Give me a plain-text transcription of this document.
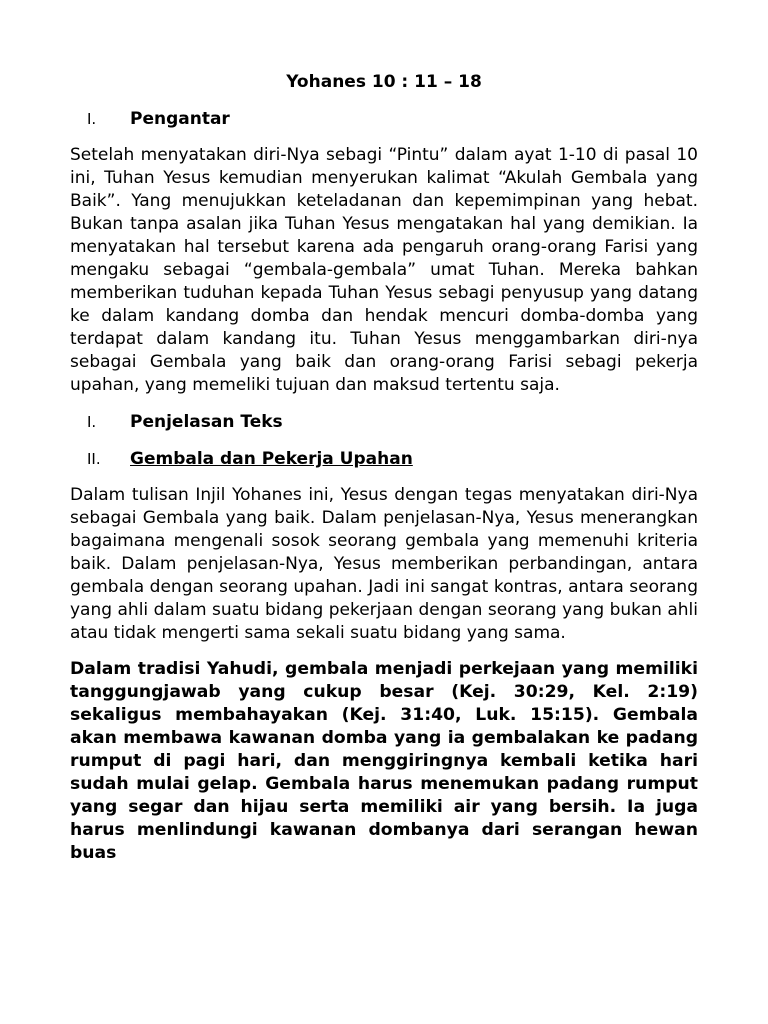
Yohanes 10 : 11 – 18
I.	Pengantar

Setelah menyatakan diri-Nya sebagi “Pintu” dalam ayat 1-10 di pasal 10 ini, Tuhan Yesus kemudian menyerukan kalimat “Akulah Gembala yang Baik”. Yang menujukkan keteladanan dan kepemimpinan yang hebat. Bukan tanpa asalan jika Tuhan Yesus mengatakan hal yang demikian. Ia menyatakan hal tersebut karena ada pengaruh orang-orang Farisi yang mengaku sebagai “gembala-gembala” umat Tuhan. Mereka bahkan memberikan tuduhan kepada Tuhan Yesus sebagi penyusup yang datang ke dalam kandang domba dan hendak mencuri domba-domba yang terdapat dalam kandang itu. Tuhan Yesus menggambarkan diri-nya sebagai Gembala yang baik dan orang-orang Farisi sebagi pekerja upahan, yang memeliki tujuan dan maksud tertentu saja.

I.	Penjelasan Teks
II.	Gembala dan Pekerja Upahan

Dalam tulisan Injil Yohanes ini, Yesus dengan tegas menyatakan diri-Nya sebagai Gembala yang baik. Dalam penjelasan-Nya, Yesus menerangkan bagaimana mengenali sosok seorang gembala yang memenuhi kriteria baik. Dalam penjelasan-Nya, Yesus memberikan perbandingan, antara gembala dengan seorang upahan. Jadi ini sangat kontras, antara seorang yang ahli dalam suatu bidang pekerjaan dengan seorang yang bukan ahli atau tidak mengerti sama sekali suatu bidang yang sama.

Dalam tradisi Yahudi, gembala menjadi perkejaan yang memiliki tanggungjawab yang cukup besar (Kej. 30:29, Kel. 2:19) sekaligus membahayakan (Kej. 31:40, Luk. 15:15). Gembala akan membawa kawanan domba yang ia gembalakan ke padang rumput di pagi hari, dan menggiringnya kembali ketika hari sudah mulai gelap. Gembala harus menemukan padang rumput yang segar dan hijau serta memiliki air yang bersih. Ia juga harus menlindungi kawanan dombanya dari serangan hewan buas
